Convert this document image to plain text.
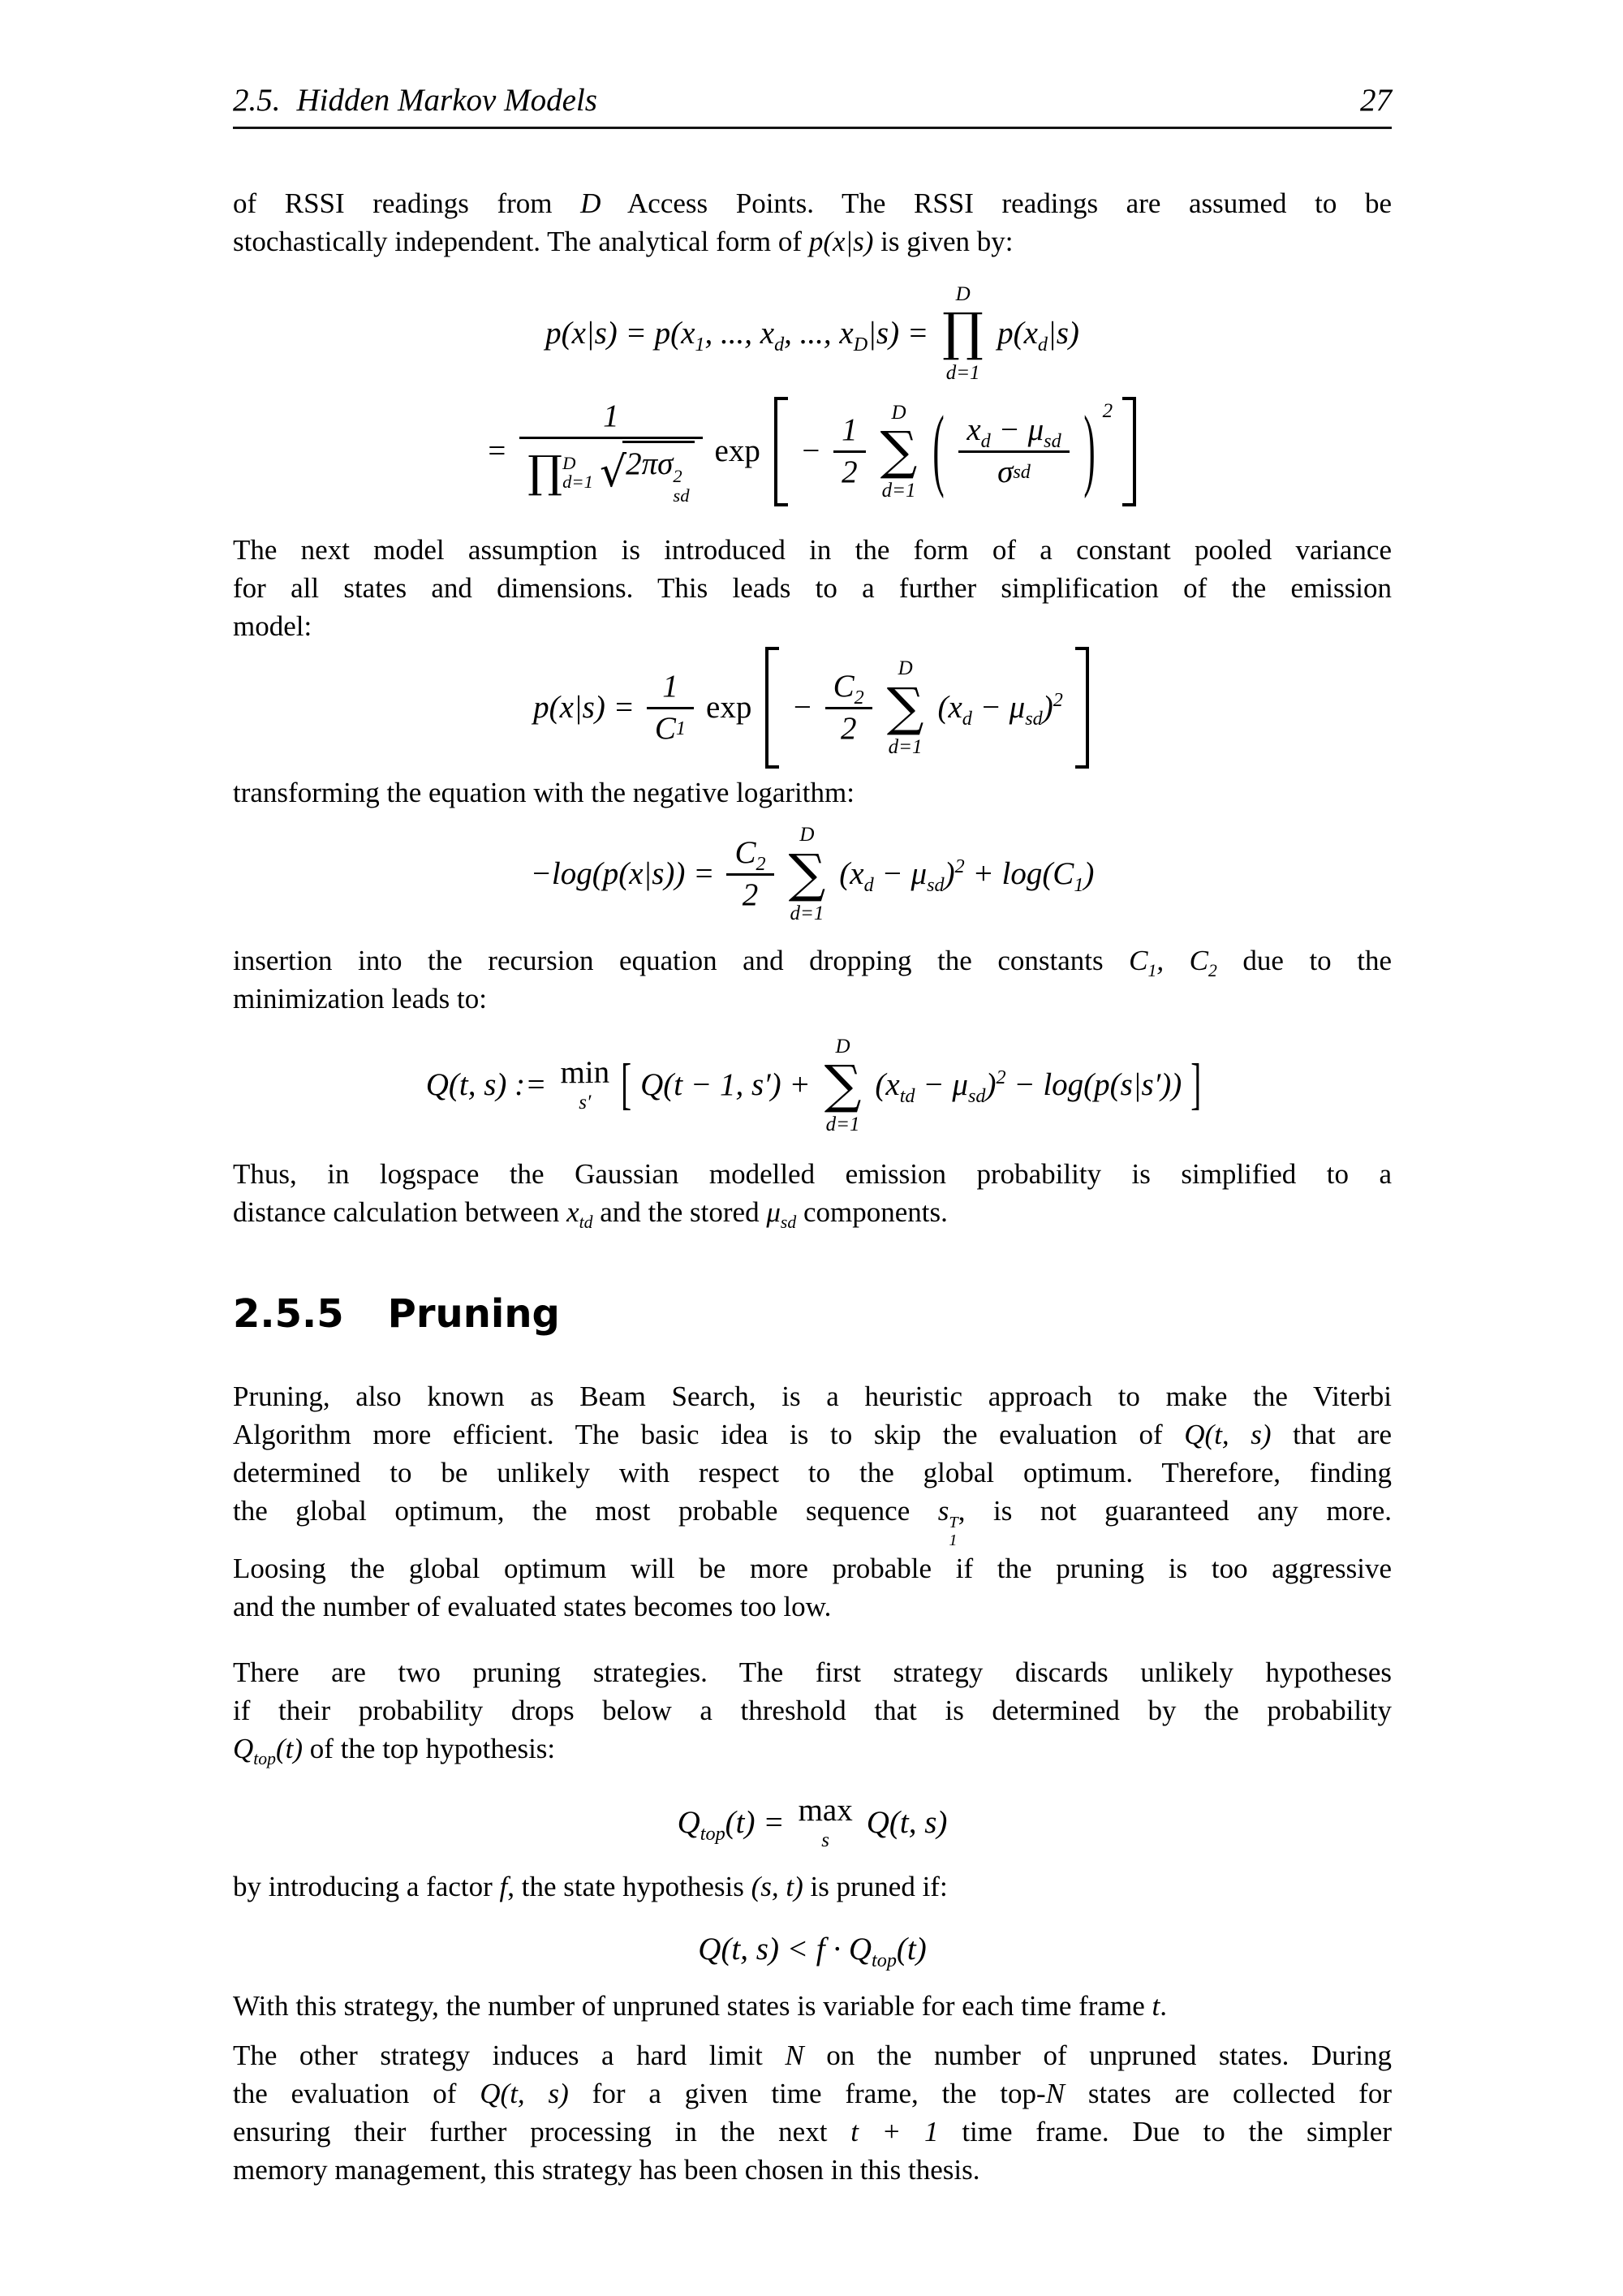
2.5. Hidden Markov Models	27
of RSSI readings from D Access Points. The RSSI readings are assumed to be
stochastically independent. The analytical form of p(x|s) is given by:
$p(x|s) = p(x_1$, ..., $x_d$, ..., $x_D|s$) =
D
∏
d=1
$p(x_d|s)$
= 1
∏ D
d=1 √ 2πσ 2
sd $\exp - \frac{1}{2}$ D
∑
d=1 ( $\frac{x_d - \mu_{sd}}{\text{σ sd}}$ ) 2
The next model assumption is introduced in the form of a constant pooled variance
for all states and dimensions. This leads to a further simplification of the emission
model:
$p(x|s) = \frac{1}{C 1}$ $\exp - \frac{C_2}{2}$ D
∑
d=1
$(x_d - \mu_{sd})^2$
transforming the equation with the negative logarithm:
$-\log(p(x|s)) = \frac{C_2}{2}$ D
∑
d=1
$(x_d - \mu_{sd})^2 + \log(C_1)$
insertion into the recursion equation and dropping the constants $C_1$, $C_2$ due to the
minimization leads to:
Q(t, s) := min
s′ [ Q(t − 1, s′) +
D
∑
d=1
$(x_{td} - \mu_{sd})^2 - \log(p(s|s'))$ ]
Thus, in logspace the Gaussian modelled emission probability is simplified to a
distance calculation between $x_{td}$ and the stored $\mu_{sd}$ components.
2.5.5 Pruning
Pruning, also known as Beam Search, is a heuristic approach to make the Viterbi
Algorithm more efficient. The basic idea is to skip the evaluation of Q(t, s) that are
determined to be unlikely with respect to the global optimum. Therefore, finding
the global optimum, the most probable sequence s T
1
, is not guaranteed any more.
Loosing the global optimum will be more probable if the pruning is too aggressive
and the number of evaluated states becomes too low.
There are two pruning strategies. The first strategy discards unlikely hypotheses
if their probability drops below a threshold that is determined by the probability
$Q_{top}(t)$ of the top hypothesis:
$Q_{top}(t) = \max$
s
Q(t, s)
by introducing a factor f, the state hypothesis (s, t) is pruned if:
Q(t, $s) < f \cdot Q_{top}(t)$
With this strategy, the number of unpruned states is variable for each time frame t.
The other strategy induces a hard limit N on the number of unpruned states. During
the evaluation of Q(t, s) for a given time frame, the top-N states are collected for
ensuring their further processing in the next t + 1 time frame. Due to the simpler
memory management, this strategy has been chosen in this thesis.
